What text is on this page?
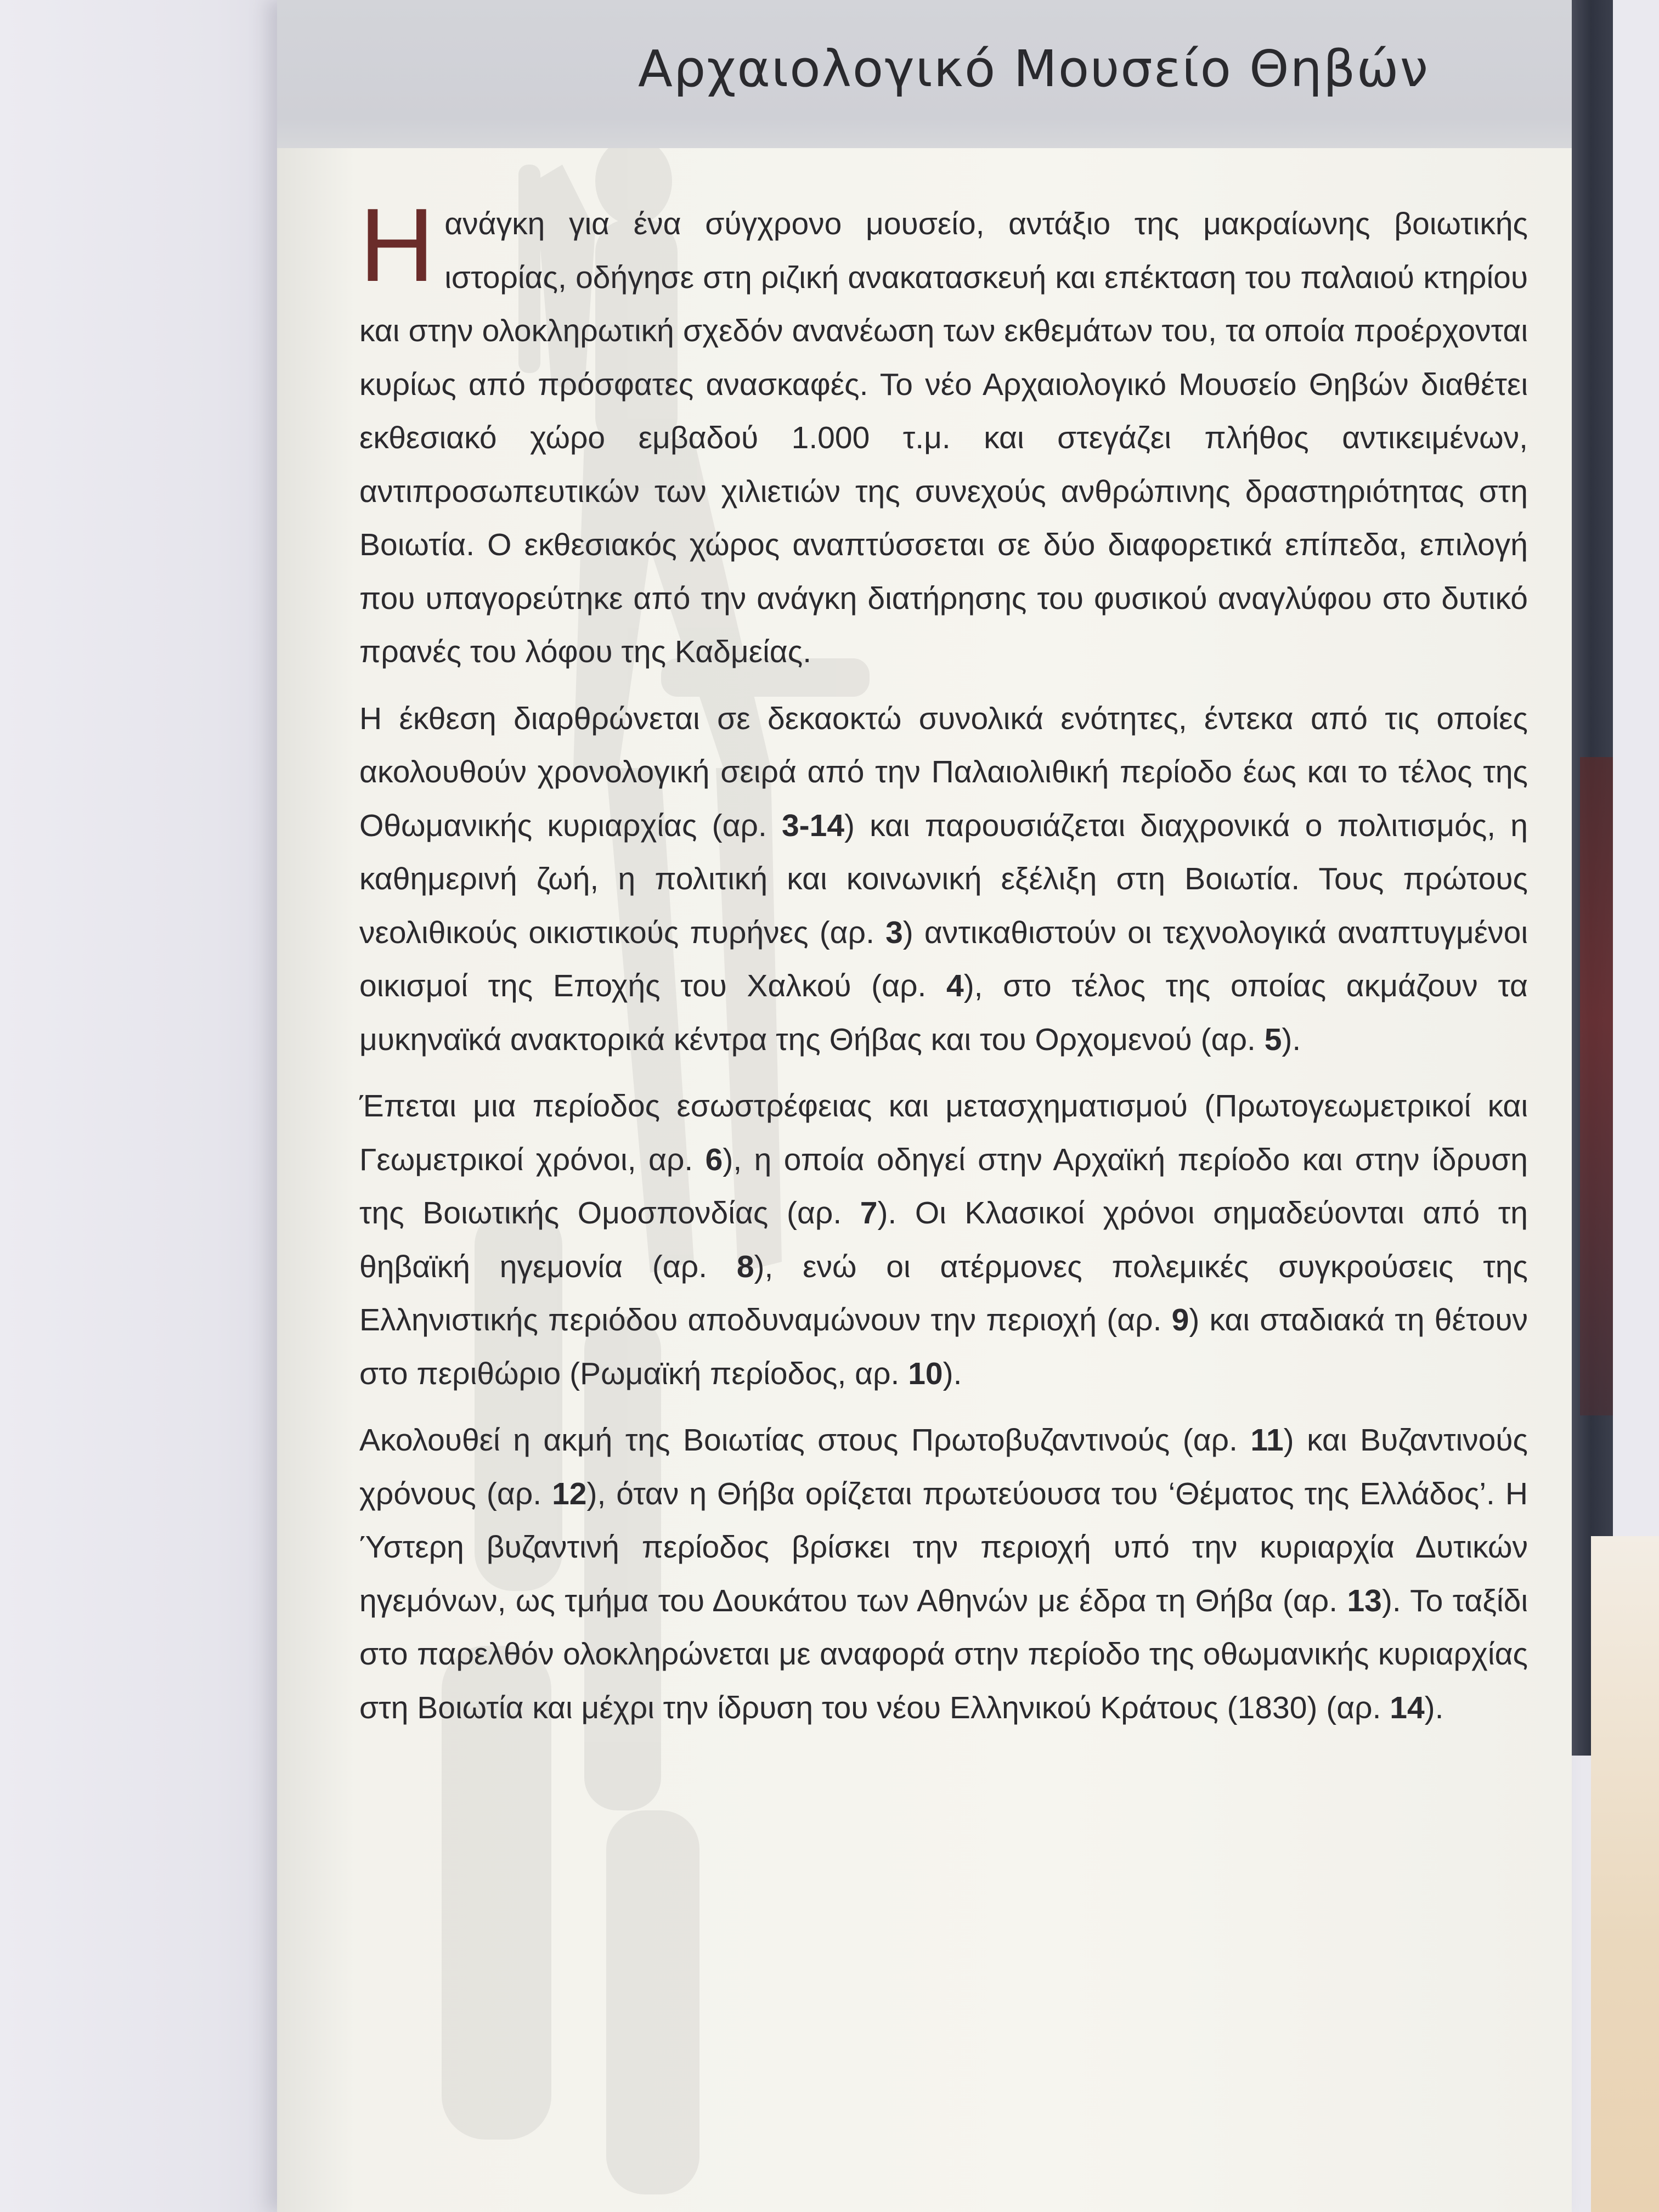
Αρχαιολογικό Μουσείο Θηβών

Ηανάγκη για ένα σύγχρονο μουσείο, αντάξιο της μακραίωνης βοιωτικής ιστορίας, οδήγησε στη ριζική ανακατασκευή και επέκταση του παλαιού κτηρίου και στην ολοκληρωτική σχεδόν ανανέωση των εκθεμάτων του, τα οποία προέρχονται κυρίως από πρόσφατες ανασκαφές. Το νέο Αρχαιολογικό Μουσείο Θηβών διαθέτει εκθεσιακό χώρο εμβαδού 1.000 τ.μ. και στεγάζει πλήθος αντικειμένων, αντιπροσωπευτικών των χιλιετιών της συνεχούς ανθρώπινης δραστηριότητας στη Βοιωτία. Ο εκθεσιακός χώρος αναπτύσσεται σε δύο διαφορετικά επίπεδα, επιλογή που υπαγορεύτηκε από την ανάγκη διατήρησης του φυσικού αναγλύφου στο δυτικό πρανές του λόφου της Καδμείας.

Η έκθεση διαρθρώνεται σε δεκαοκτώ συνολικά ενότητες, έντεκα από τις οποίες ακολουθούν χρονολογική σειρά από την Παλαιολιθική περίοδο έως και το τέλος της Οθωμανικής κυριαρχίας (αρ. 3-14) και παρουσιάζεται διαχρονικά ο πολιτισμός, η καθημερινή ζωή, η πολιτική και κοινωνική εξέλιξη στη Βοιωτία. Τους πρώτους νεολιθικούς οικιστικούς πυρήνες (αρ. 3) αντικαθιστούν οι τεχνολογικά αναπτυγμένοι οικισμοί της Εποχής του Χαλκού (αρ. 4), στο τέλος της οποίας ακμάζουν τα μυκηναϊκά ανακτορικά κέντρα της Θήβας και του Ορχομενού (αρ. 5).

Έπεται μια περίοδος εσωστρέφειας και μετασχηματισμού (Πρωτογεωμετρικοί και Γεωμετρικοί χρόνοι, αρ. 6), η οποία οδηγεί στην Αρχαϊκή περίοδο και στην ίδρυση της Βοιωτικής Ομοσπονδίας (αρ. 7). Οι Κλασικοί χρόνοι σημαδεύονται από τη θηβαϊκή ηγεμονία (αρ. 8), ενώ οι ατέρμονες πολεμικές συγκρούσεις της Ελληνιστικής περιόδου αποδυναμώνουν την περιοχή (αρ. 9) και σταδιακά τη θέτουν στο περιθώριο (Ρωμαϊκή περίοδος, αρ. 10).

Ακολουθεί η ακμή της Βοιωτίας στους Πρωτοβυζαντινούς (αρ. 11) και Βυζαντινούς χρόνους (αρ. 12), όταν η Θήβα ορίζεται πρωτεύουσα του ‘Θέματος της Ελλάδος’. Η Ύστερη βυζαντινή περίοδος βρίσκει την περιοχή υπό την κυριαρχία Δυτικών ηγεμόνων, ως τμήμα του Δουκάτου των Αθηνών με έδρα τη Θήβα (αρ. 13). Το ταξίδι στο παρελθόν ολοκληρώνεται με αναφορά στην περίοδο της οθωμανικής κυριαρχίας στη Βοιωτία και μέχρι την ίδρυση του νέου Ελληνικού Κράτους (1830) (αρ. 14).
